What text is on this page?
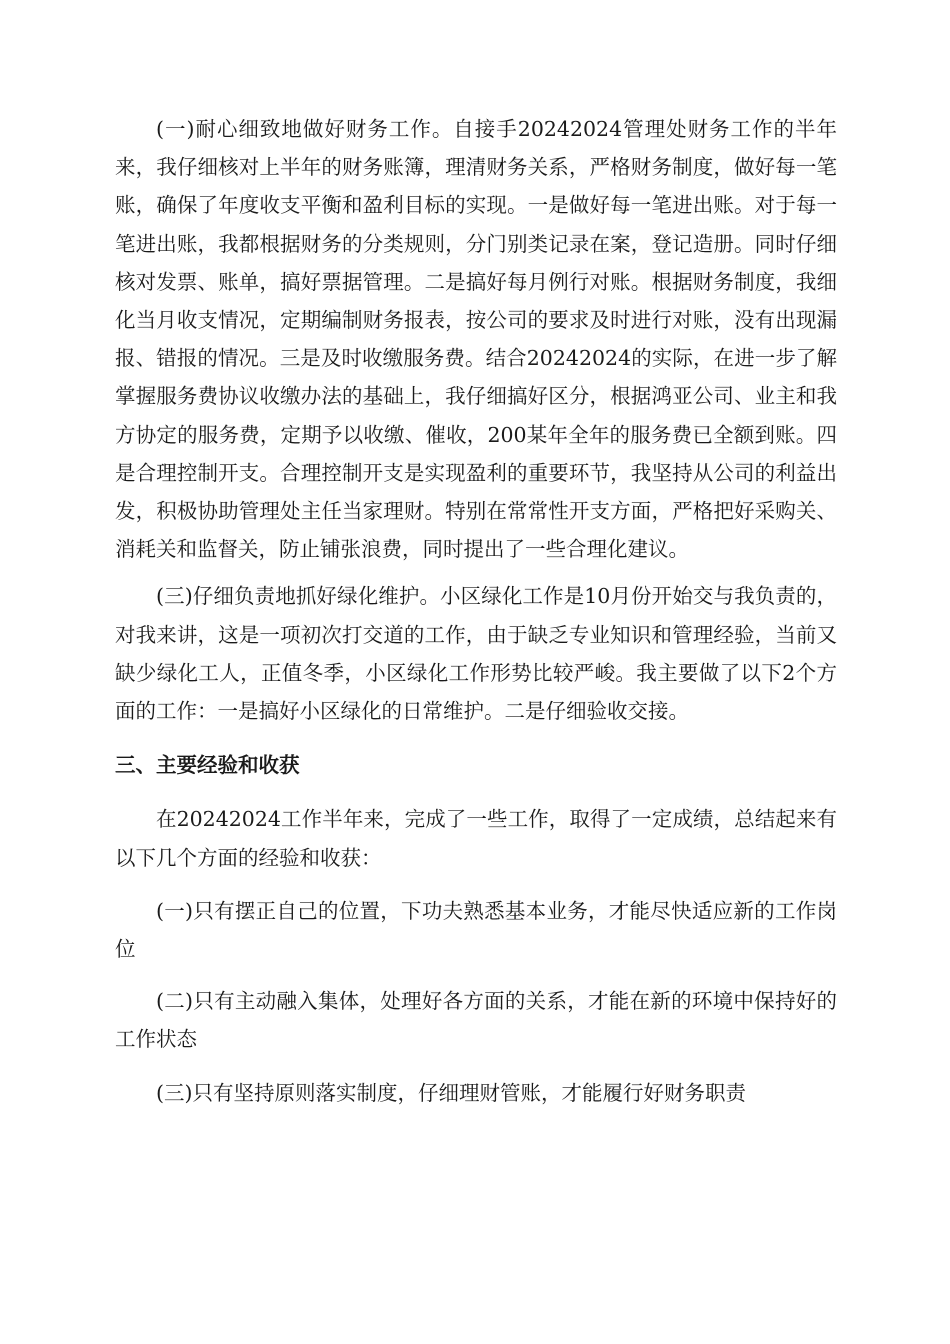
(一)耐心细致地做好财务工作。自接手20242024管理处财务工作的半年来，我仔细核对上半年的财务账簿，理清财务关系，严格财务制度，做好每一笔账，确保了年度收支平衡和盈利目标的实现。一是做好每一笔进出账。对于每一笔进出账，我都根据财务的分类规则，分门别类记录在案，登记造册。同时仔细核对发票、账单，搞好票据管理。二是搞好每月例行对账。根据财务制度，我细化当月收支情况，定期编制财务报表，按公司的要求及时进行对账，没有出现漏报、错报的情况。三是及时收缴服务费。结合20242024的实际，在进一步了解掌握服务费协议收缴办法的基础上，我仔细搞好区分，根据鸿亚公司、业主和我方协定的服务费，定期予以收缴、催收，200某年全年的服务费已全额到账。四是合理控制开支。合理控制开支是实现盈利的重要环节，我坚持从公司的利益出发，积极协助管理处主任当家理财。特别在常常性开支方面，严格把好采购关、消耗关和监督关，防止铺张浪费，同时提出了一些合理化建议。

(三)仔细负责地抓好绿化维护。小区绿化工作是10月份开始交与我负责的，对我来讲，这是一项初次打交道的工作，由于缺乏专业知识和管理经验，当前又缺少绿化工人，正值冬季，小区绿化工作形势比较严峻。我主要做了以下2个方面的工作：一是搞好小区绿化的日常维护。二是仔细验收交接。

三、主要经验和收获

在20242024工作半年来，完成了一些工作，取得了一定成绩，总结起来有以下几个方面的经验和收获：

(一)只有摆正自己的位置，下功夫熟悉基本业务，才能尽快适应新的工作岗位

(二)只有主动融入集体，处理好各方面的关系，才能在新的环境中保持好的工作状态

(三)只有坚持原则落实制度，仔细理财管账，才能履行好财务职责
